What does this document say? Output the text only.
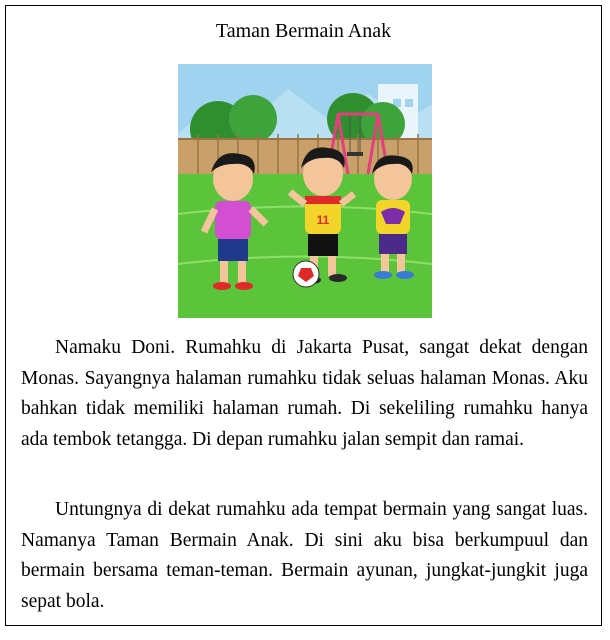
Taman Bermain Anak
11

Namaku Doni. Rumahku di Jakarta Pusat, sangat dekat dengan Monas. Sayangnya halaman rumahku tidak seluas halaman Monas. Aku bahkan tidak memiliki halaman rumah. Di sekeliling rumahku hanya ada tembok tetangga. Di depan rumahku jalan sempit dan ramai.

Untungnya di dekat rumahku ada tempat bermain yang sangat luas. Namanya Taman Bermain Anak. Di sini aku bisa berkumpuul dan bermain bersama teman-teman. Bermain ayunan, jungkat-jungkit juga sepat bola.
